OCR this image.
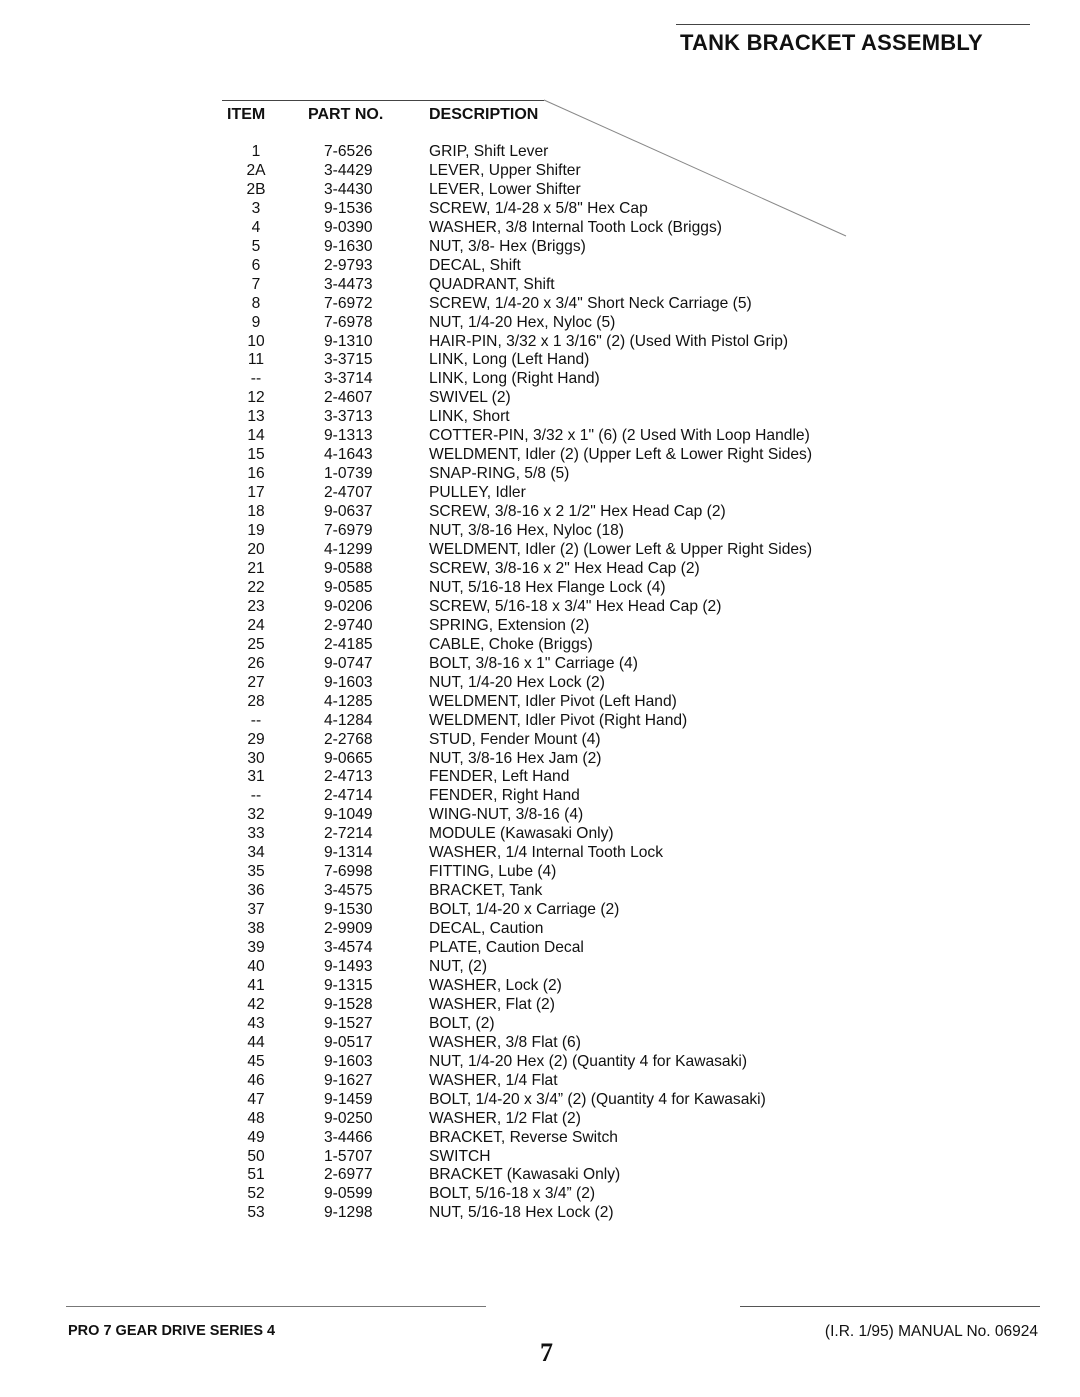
TANK BRACKET ASSEMBLY
ITEM	PART NO.	DESCRIPTION
1	7-6526	GRIP, Shift Lever
2A	3-4429	LEVER, Upper Shifter
2B	3-4430	LEVER, Lower Shifter
3	9-1536	SCREW, 1/4-28 x 5/8" Hex Cap
4	9-0390	WASHER, 3/8 Internal Tooth Lock (Briggs)
5	9-1630	NUT, 3/8- Hex (Briggs)
6	2-9793	DECAL, Shift
7	3-4473	QUADRANT, Shift
8	7-6972	SCREW, 1/4-20 x 3/4" Short Neck Carriage (5)
9	7-6978	NUT, 1/4-20 Hex, Nyloc (5)
10	9-1310	HAIR-PIN, 3/32 x 1 3/16" (2) (Used With Pistol Grip)
11	3-3715	LINK, Long (Left Hand)
--	3-3714	LINK, Long (Right Hand)
12	2-4607	SWIVEL (2)
13	3-3713	LINK, Short
14	9-1313	COTTER-PIN, 3/32 x 1" (6) (2 Used With Loop Handle)
15	4-1643	WELDMENT, Idler (2) (Upper Left & Lower Right Sides)
16	1-0739	SNAP-RING, 5/8 (5)
17	2-4707	PULLEY, Idler
18	9-0637	SCREW, 3/8-16 x 2 1/2" Hex Head Cap (2)
19	7-6979	NUT, 3/8-16 Hex, Nyloc (18)
20	4-1299	WELDMENT, Idler (2) (Lower Left & Upper Right Sides)
21	9-0588	SCREW, 3/8-16 x 2" Hex Head Cap (2)
22	9-0585	NUT, 5/16-18 Hex Flange Lock (4)
23	9-0206	SCREW, 5/16-18 x 3/4" Hex Head Cap (2)
24	2-9740	SPRING, Extension (2)
25	2-4185	CABLE, Choke (Briggs)
26	9-0747	BOLT, 3/8-16 x 1" Carriage (4)
27	9-1603	NUT, 1/4-20 Hex Lock (2)
28	4-1285	WELDMENT, Idler Pivot (Left Hand)
--	4-1284	WELDMENT, Idler Pivot (Right Hand)
29	2-2768	STUD, Fender Mount (4)
30	9-0665	NUT, 3/8-16 Hex Jam (2)
31	2-4713	FENDER, Left Hand
--	2-4714	FENDER, Right Hand
32	9-1049	WING-NUT, 3/8-16 (4)
33	2-7214	MODULE (Kawasaki Only)
34	9-1314	WASHER, 1/4 Internal Tooth Lock
35	7-6998	FITTING, Lube (4)
36	3-4575	BRACKET, Tank
37	9-1530	BOLT, 1/4-20 x Carriage (2)
38	2-9909	DECAL, Caution
39	3-4574	PLATE, Caution Decal
40	9-1493	NUT, (2)
41	9-1315	WASHER, Lock (2)
42	9-1528	WASHER, Flat (2)
43	9-1527	BOLT, (2)
44	9-0517	WASHER, 3/8 Flat (6)
45	9-1603	NUT, 1/4-20 Hex (2) (Quantity 4 for Kawasaki)
46	9-1627	WASHER, 1/4 Flat
47	9-1459	BOLT, 1/4-20 x 3/4” (2) (Quantity 4 for Kawasaki)
48	9-0250	WASHER, 1/2 Flat (2)
49	3-4466	BRACKET, Reverse Switch
50	1-5707	SWITCH
51	2-6977	BRACKET (Kawasaki Only)
52	9-0599	BOLT, 5/16-18 x 3/4” (2)
53	9-1298	NUT, 5/16-18 Hex Lock (2)
PRO 7 GEAR DRIVE SERIES 4
7
(I.R. 1/95) MANUAL No. 06924
